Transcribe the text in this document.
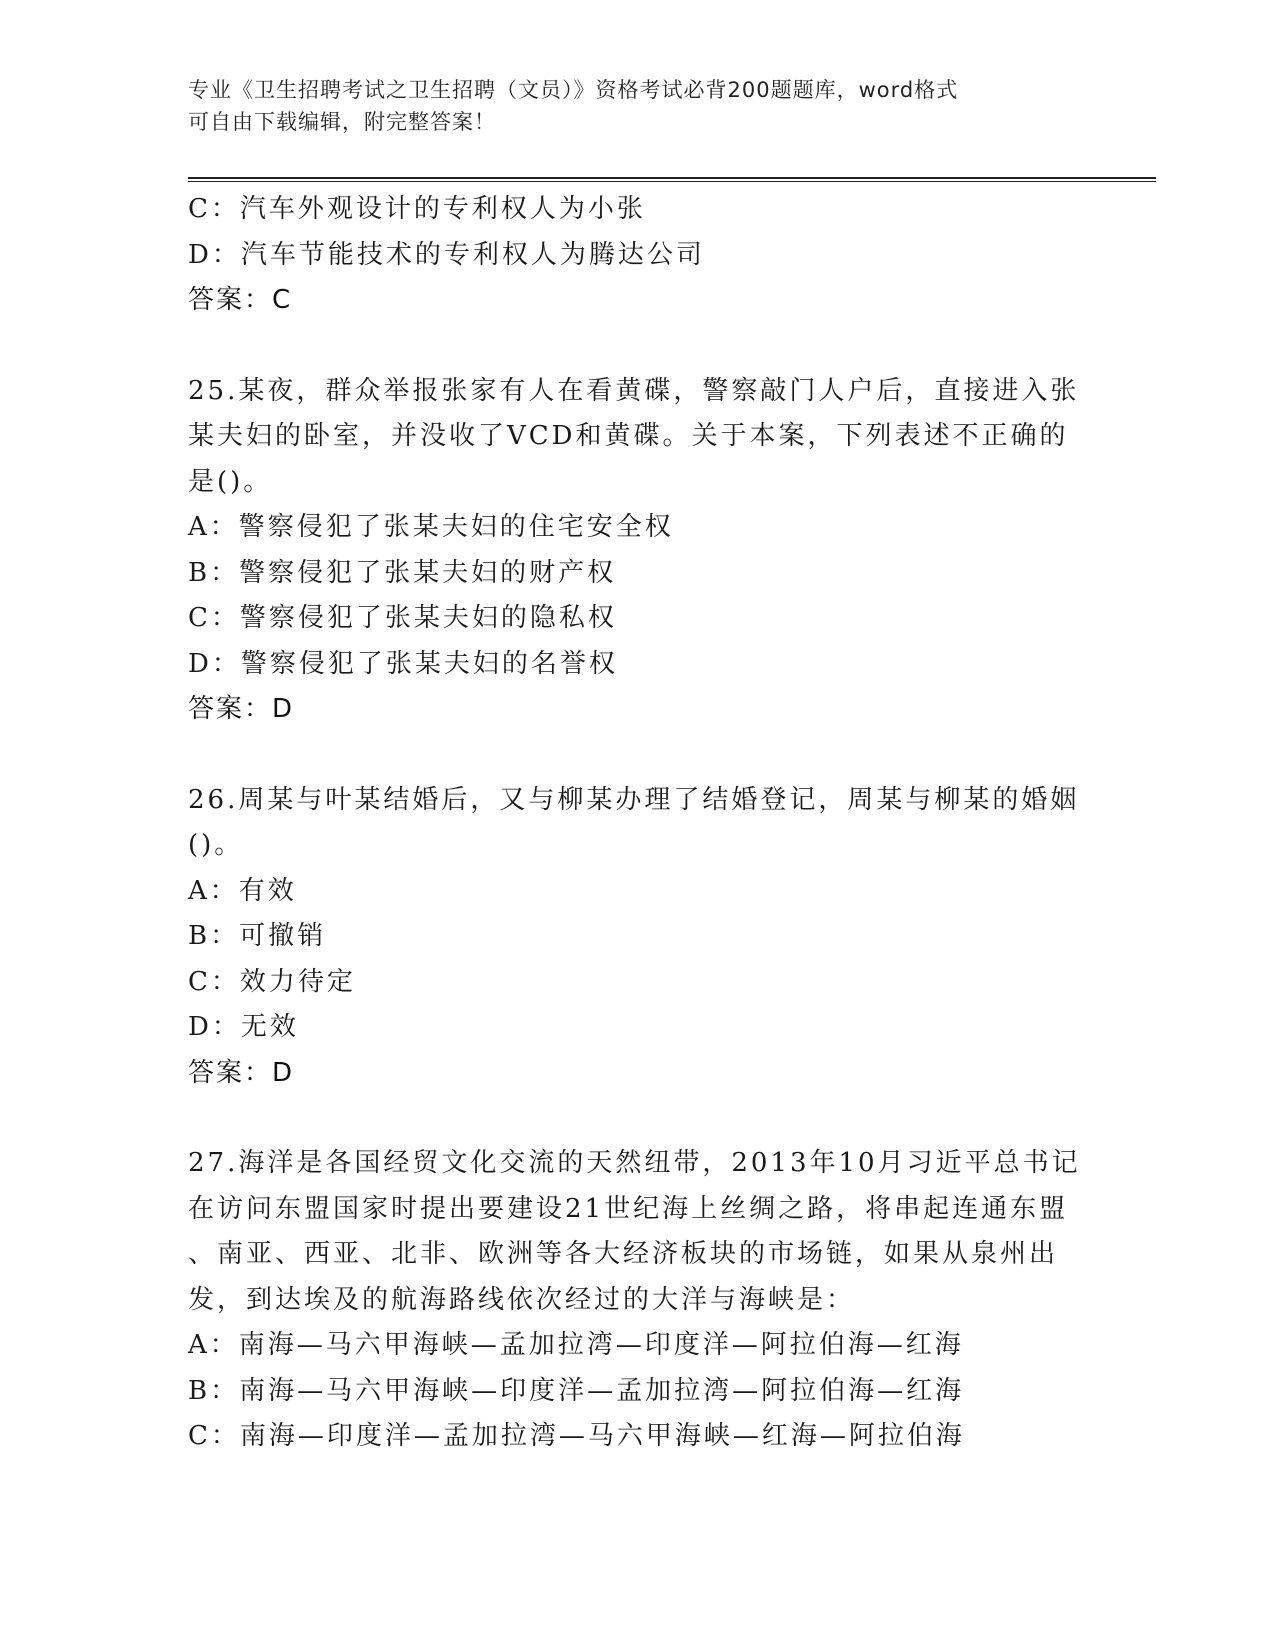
专业《卫生招聘考试之卫生招聘（文员）》资格考试必背200题题库，word格式
可自由下载编辑，附完整答案！
C：汽车外观设计的专利权人为小张
D：汽车节能技术的专利权人为腾达公司
答案：C
25.某夜，群众举报张家有人在看黄碟，警察敲门人户后，直接进入张
某夫妇的卧室，并没收了VCD和黄碟。关于本案，下列表述不正确的
是()。
A：警察侵犯了张某夫妇的住宅安全权
B：警察侵犯了张某夫妇的财产权
C：警察侵犯了张某夫妇的隐私权
D：警察侵犯了张某夫妇的名誉权
答案：D
26.周某与叶某结婚后，又与柳某办理了结婚登记，周某与柳某的婚姻
()。
A：有效
B：可撤销
C：效力待定
D：无效
答案：D
27.海洋是各国经贸文化交流的天然纽带，2013年10月习近平总书记
在访问东盟国家时提出要建设21世纪海上丝绸之路，将串起连通东盟
、南亚、西亚、北非、欧洲等各大经济板块的市场链，如果从泉州出
发，到达埃及的航海路线依次经过的大洋与海峡是：
A：南海—马六甲海峡—孟加拉湾—印度洋—阿拉伯海—红海
B：南海—马六甲海峡—印度洋—孟加拉湾—阿拉伯海—红海
C：南海—印度洋—孟加拉湾—马六甲海峡—红海—阿拉伯海
